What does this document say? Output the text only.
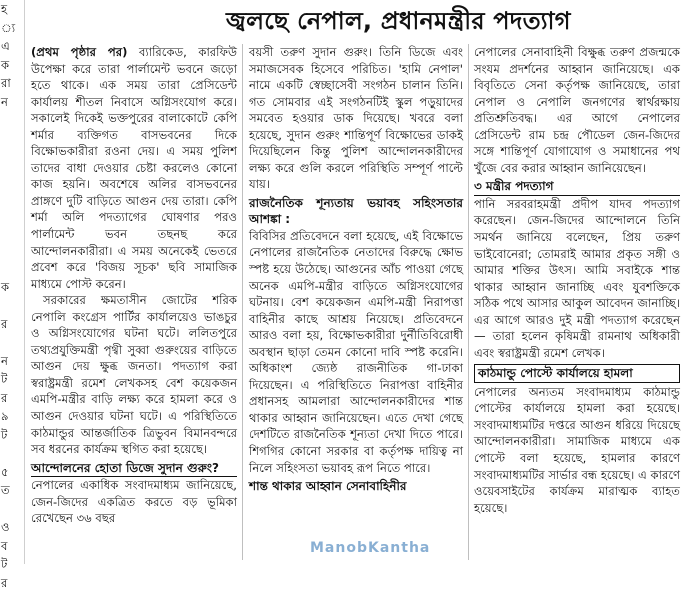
হ
্য
এ
ক
রা
ন

ক

র

ন
ট
র
৯
ট

৫
ত

ও
ব
ট
র
জ্বলছে নেপাল, প্রধানমন্ত্রীর পদত্যাগ

(প্রথম পৃষ্ঠার পর) ব্যারিকেড, কারফিউ উপেক্ষা করে তারা পার্লামেন্ট ভবনে জড়ো হতে থাকে। এক সময় তারা প্রেসিডেন্ট কার্যালয় শীতল নিবাসে অগ্নিসংযোগ করে। সকালেই দিকেই ভক্তপুরের বালাকোটে কেপি শর্মার ব্যক্তিগত বাসভবনের দিকে বিক্ষোভকারীরা রওনা দেয়। এ সময় পুলিশ তাদের বাধা দেওয়ার চেষ্টা করলেও কোনো কাজ হয়নি। অবশেষে অলির বাসভবনের প্রাঙ্গণে দুটি বাড়িতে আগুন দেয় তারা। কেপি শর্মা অলি পদত্যাগের ঘোষণার পরও পার্লামেন্ট ভবন তছনছ করে আন্দোলনকারীরা। এ সময় অনেকেই ভেতরে প্রবেশ করে 'বিজয় সূচক' ছবি সামাজিক মাধ্যমে পোস্ট করেন।

সরকারের ক্ষমতাসীন জোটের শরিক নেপালি কংগ্রেস পার্টির কার্যালয়েও ভাঙচুর ও অগ্নিসংযোগের ঘটনা ঘটে। ললিতপুরে তথ্যপ্রযুক্তিমন্ত্রী পৃথ্বী সুব্বা গুরুংয়ের বাড়িতে আগুন দেয় ক্ষুব্ধ জনতা। পদত্যাগ করা স্বরাষ্ট্রমন্ত্রী রমেশ লেখকসহ বেশ কয়েকজন এমপি-মন্ত্রীর বাড়ি লক্ষ্য করে হামলা করে ও আগুন দেওয়ার ঘটনা ঘটে। এ পরিস্থিতিতে কাঠমান্ডুর আন্তর্জাতিক ত্রিভুবন বিমানবন্দরে সব ধরনের কার্যক্রম স্থগিত করা হয়েছে।

আন্দোলনের হোতা ডিজে সুদান গুরুং?

নেপালের একাধিক সংবাদমাধ্যম জানিয়েছে, জেন-জিদের একত্রিত করতে বড় ভূমিকা রেখেছেন ৩৬ বছর

বয়সী তরুণ সুদান গুরুং। তিনি ডিজে এবং সমাজসেবক হিসেবে পরিচিত। 'হামি নেপাল' নামে একটি স্বেচ্ছাসেবী সংগঠন চালান তিনি। গত সোমবার এই সংগঠনটিই স্কুল পড়ুয়াদের সমবেত হওয়ার ডাক দিয়েছে। খবরে বলা হয়েছে, সুদান গুরুং শান্তিপূর্ণ বিক্ষোভের ডাকই দিয়েছিলেন কিন্তু পুলিশ আন্দোলনকারীদের লক্ষ্য করে গুলি করলে পরিস্থিতি সম্পূর্ণ পাল্টে যায়।

রাজনৈতিক শূন্যতায় ভয়াবহ সহিংসতার আশঙ্কা :

বিবিসির প্রতিবেদনে বলা হয়েছে, এই বিক্ষোভে নেপালের রাজনৈতিক নেতাদের বিরুদ্ধে ক্ষোভ স্পষ্ট হয়ে উঠেছে। আগুনের আঁচ পাওয়া গেছে অনেক এমপি-মন্ত্রীর বাড়িতে অগ্নিসংযোগের ঘটনায়। বেশ কয়েকজন এমপি-মন্ত্রী নিরাপত্তা বাহিনীর কাছে আশ্রয় নিয়েছে। প্রতিবেদনে আরও বলা হয়, বিক্ষোভকারীরা দুর্নীতিবিরোধী অবস্থান ছাড়া তেমন কোনো দাবি স্পষ্ট করেনি। অধিকাংশ জ্যেষ্ঠ রাজনীতিক গা-ঢাকা দিয়েছেন। এ পরিস্থিতিতে নিরাপত্তা বাহিনীর প্রধানসহ আমলারা আন্দোলনকারীদের শান্ত থাকার আহ্বান জানিয়েছেন। এতে দেখা গেছে দেশটিতে রাজনৈতিক শূন্যতা দেখা দিতে পারে। শিগগির কোনো সরকার বা কর্তৃপক্ষ দায়িত্ব না নিলে সহিংসতা ভয়াবহ রূপ নিতে পারে।

শান্ত থাকার আহ্বান সেনাবাহিনীর

নেপালের সেনাবাহিনী বিক্ষুব্ধ তরুণ প্রজন্মকে সংযম প্রদর্শনের আহ্বান জানিয়েছে। এক বিবৃতিতে সেনা কর্তৃপক্ষ জানিয়েছে, তারা নেপাল ও নেপালি জনগণের স্বার্থরক্ষায় প্রতিশ্রুতিবদ্ধ। এর আগে নেপালের প্রেসিডেন্ট রাম চন্দ্র পৌডেল জেন-জিদের সঙ্গে শান্তিপূর্ণ যোগাযোগ ও সমাধানের পথ খুঁজে বের করার আহ্বান জানিয়েছেন।

৩ মন্ত্রীর পদত্যাগ

পানি সরবরাহমন্ত্রী প্রদীপ যাদব পদত্যাগ করেছেন। জেন-জিদের আন্দোলনে তিনি সমর্থন জানিয়ে বলেছেন, প্রিয় তরুণ ভাইবোনেরা; তোমরাই আমার প্রকৃত সঙ্গী ও আমার শক্তির উৎস। আমি সবাইকে শান্ত থাকার আহ্বান জানাচ্ছি এবং যুবশক্তিকে সঠিক পথে আসার আকুল আবেদন জানাচ্ছি। এর আগে আরও দুই মন্ত্রী পদত্যাগ করেছেন— তারা হলেন কৃষিমন্ত্রী রামনাথ অধিকারী এবং স্বরাষ্ট্রমন্ত্রী রমেশ লেখক।

কাঠমান্ডু পোস্টে কার্যালয়ে হামলা

নেপালের অন্যতম সংবাদমাধ্যম কাঠমান্ডু পোস্টের কার্যালয়ে হামলা করা হয়েছে। সংবাদমাধ্যমটির দপ্তরে আগুন ধরিয়ে দিয়েছে আন্দোলনকারীরা। সামাজিক মাধ্যমে এক পোস্টে বলা হয়েছে, হামলার কারণে সংবাদমাধ্যমটির সার্ভার বন্ধ হয়েছে। এ কারণে ওয়েবসাইটের কার্যক্রম মারাত্মক ব্যাহত হয়েছে।

ManobKantha
